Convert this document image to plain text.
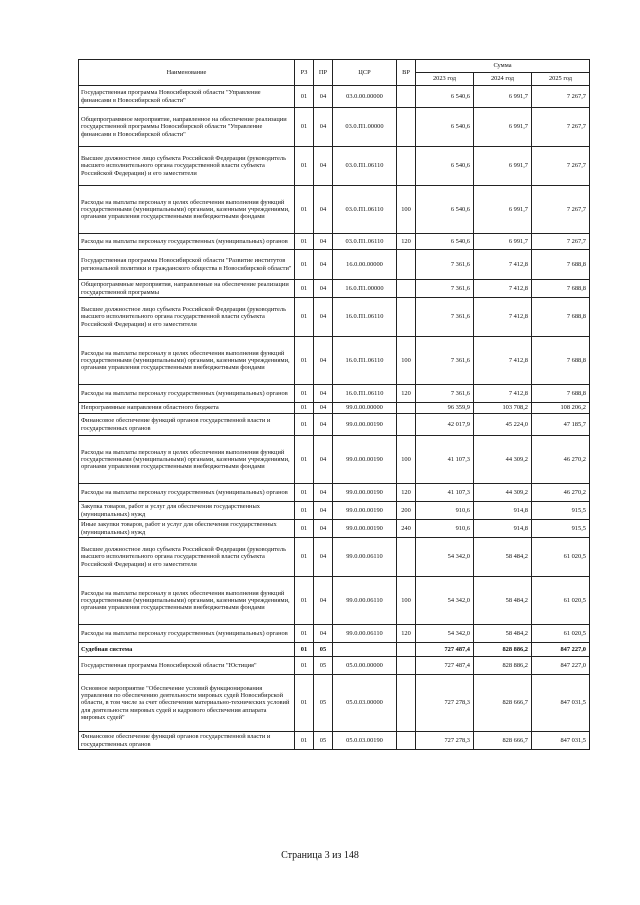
Наименование	РЗ	ПР	ЦСР	ВР	Сумма		
					2023 год	2024 год	2025 год
Государственная программа Новосибирской области "Управление финансами в Новосибирской области"	01	04	03.0.00.00000		6 540,6	6 991,7	7 267,7
Общепрограммное мероприятие, направленное на обеспечение реализации государственной программы Новосибирской области "Управление финансами в Новосибирской области"	01	04	03.0.П1.00000		6 540,6	6 991,7	7 267,7
Высшее должностное лицо субъекта Российской Федерации (руководитель высшего исполнительного органа государственной власти субъекта Российской Федерации) и его заместители	01	04	03.0.П1.06110		6 540,6	6 991,7	7 267,7
Расходы на выплаты персоналу в целях обеспечения выполнения функций государственными (муниципальными) органами, казенными учреждениями, органами управления государственными внебюджетными фондами	01	04	03.0.П1.06110	100	6 540,6	6 991,7	7 267,7
Расходы на выплаты персоналу государственных (муниципальных) органов	01	04	03.0.П1.06110	120	6 540,6	6 991,7	7 267,7
Государственная программа Новосибирской области "Развитие институтов региональной политики и гражданского общества в Новосибирской области"	01	04	16.0.00.00000		7 361,6	7 412,8	7 688,8
Общепрограммные мероприятия, направленные на обеспечение реализации государственной программы	01	04	16.0.П1.00000		7 361,6	7 412,8	7 688,8
Высшее должностное лицо субъекта Российской Федерации (руководитель высшего исполнительного органа государственной власти субъекта Российской Федерации) и его заместители	01	04	16.0.П1.06110		7 361,6	7 412,8	7 688,8
Расходы на выплаты персоналу в целях обеспечения выполнения функций государственными (муниципальными) органами, казенными учреждениями, органами управления государственными внебюджетными фондами	01	04	16.0.П1.06110	100	7 361,6	7 412,8	7 688,8
Расходы на выплаты персоналу государственных (муниципальных) органов	01	04	16.0.П1.06110	120	7 361,6	7 412,8	7 688,8
Непрограммные направления областного бюджета	01	04	99.0.00.00000		96 359,9	103 708,2	108 206,2
Финансовое обеспечение функций органов государственной власти и государственных органов	01	04	99.0.00.00190		42 017,9	45 224,0	47 185,7
Расходы на выплаты персоналу в целях обеспечения выполнения функций государственными (муниципальными) органами, казенными учреждениями, органами управления государственными внебюджетными фондами	01	04	99.0.00.00190	100	41 107,3	44 309,2	46 270,2
Расходы на выплаты персоналу государственных (муниципальных) органов	01	04	99.0.00.00190	120	41 107,3	44 309,2	46 270,2
Закупка товаров, работ и услуг для обеспечения государственных (муниципальных) нужд	01	04	99.0.00.00190	200	910,6	914,8	915,5
Иные закупки товаров, работ и услуг для обеспечения государственных (муниципальных) нужд	01	04	99.0.00.00190	240	910,6	914,8	915,5
Высшее должностное лицо субъекта Российской Федерации (руководитель высшего исполнительного органа государственной власти субъекта Российской Федерации) и его заместители	01	04	99.0.00.06110		54 342,0	58 484,2	61 020,5
Расходы на выплаты персоналу в целях обеспечения выполнения функций государственными (муниципальными) органами, казенными учреждениями, органами управления государственными внебюджетными фондами	01	04	99.0.00.06110	100	54 342,0	58 484,2	61 020,5
Расходы на выплаты персоналу государственных (муниципальных) органов	01	04	99.0.00.06110	120	54 342,0	58 484,2	61 020,5
Судебная система	01	05			727 487,4	828 886,2	847 227,0
Государственная программа Новосибирской области "Юстиция"	01	05	05.0.00.00000		727 487,4	828 886,2	847 227,0
Основное мероприятие "Обеспечение условий функционирования управления по обеспечению деятельности мировых судей Новосибирской области, в том числе за счет обеспечения материально-технических условий для деятельности мировых судей и кадрового обеспечения аппарата мировых судей"	01	05	05.0.03.00000		727 278,3	828 666,7	847 031,5
Финансовое обеспечение функций органов государственной власти и государственных органов	01	05	05.0.03.00190		727 278,3	828 666,7	847 031,5
Страница 3 из 148
